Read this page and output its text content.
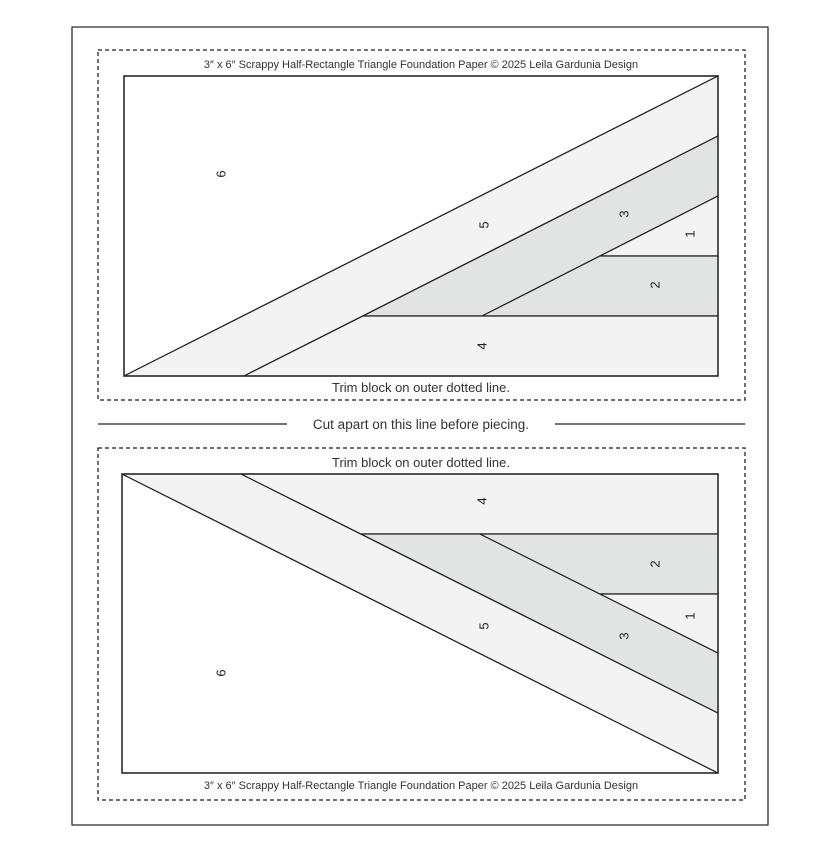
3″ x 6″ Scrappy Half-Rectangle Triangle Foundation Paper © 2025 Leila Gardunia Design
6
5
3
1
2
4
Trim block on outer dotted line.
Cut apart on this line before piecing.
Trim block on outer dotted line.
4
2
1
3
5
6
3″ x 6″ Scrappy Half-Rectangle Triangle Foundation Paper © 2025 Leila Gardunia Design
